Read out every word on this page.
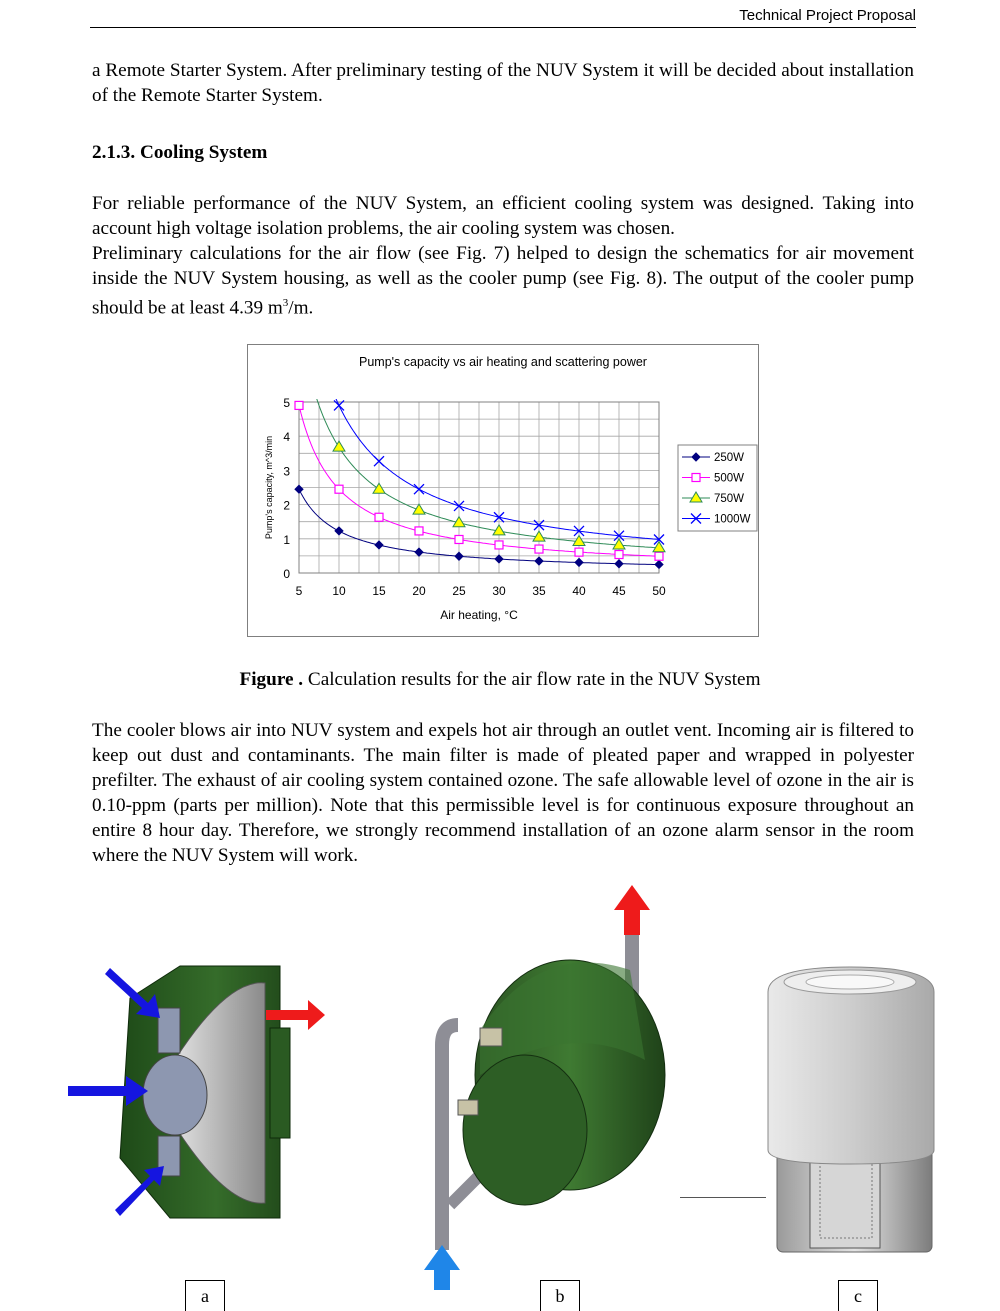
Technical Project Proposal

a Remote Starter System. After preliminary testing of the NUV System it will be decided about installation of the Remote Starter System.

2.1.3. Cooling System

For reliable performance of the NUV System, an efficient cooling system was designed. Taking into account high voltage isolation problems, the air cooling system was chosen.

Preliminary calculations for the air flow (see Fig. 7) helped to design the schematics for air movement inside the NUV System housing, as well as the cooler pump (see Fig. 8). The output of the cooler pump should be at least 4.39 $m^3/m$.

Pump's capacity vs air heating and scattering power
5 10 15 20 25 30 35 40 45 50
0
1
2
3
4
5
Air heating, °C
Pump's capacity, m^3/min	250W
500W
750W
1000W

Figure . Calculation results for the air flow rate in the NUV System

The cooler blows air into NUV system and expels hot air through an outlet vent. Incoming air is filtered to keep out dust and contaminants. The main filter is made of pleated paper and wrapped in polyester prefilter. The exhaust of air cooling system contained ozone. The safe allowable level of ozone in the air is 0.10-ppm (parts per million). Note that this permissible level is for continuous exposure throughout an entire 8 hour day. Therefore, we strongly recommend installation of an ozone alarm sensor in the room where the NUV System will work.

a	b	c
